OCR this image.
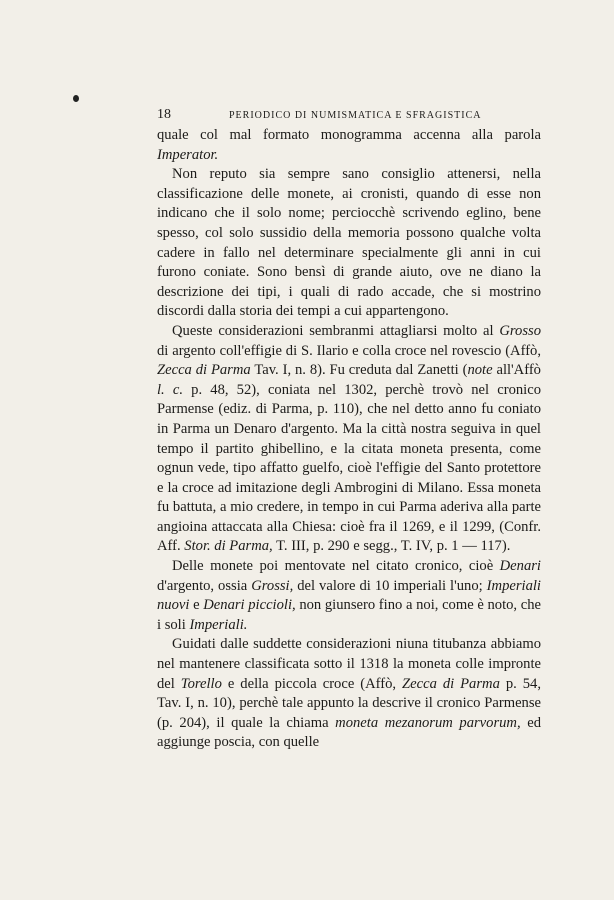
18	PERIODICO DI NUMISMATICA E SFRAGISTICA

quale col mal formato monogramma accenna alla parola Imperator.

Non reputo sia sempre sano consiglio attenersi, nella classificazione delle monete, ai cronisti, quando di esse non indicano che il solo nome; perciocchè scrivendo eglino, bene spesso, col solo sussidio della memoria possono qualche volta cadere in fallo nel determinare specialmente gli anni in cui furono coniate. Sono bensì di grande aiuto, ove ne diano la descrizione dei tipi, i quali di rado accade, che si mostrino discordi dalla storia dei tempi a cui appartengono.

Queste considerazioni sembranmi attagliarsi molto al Grosso di argento coll'effigie di S. Ilario e colla croce nel rovescio (Affò, Zecca di Parma Tav. I, n. 8). Fu creduta dal Zanetti (note all'Affò l. c. p. 48, 52), coniata nel 1302, perchè trovò nel cronico Parmense (ediz. di Parma, p. 110), che nel detto anno fu coniato in Parma un Denaro d'argento. Ma la città nostra seguiva in quel tempo il partito ghibellino, e la citata moneta presenta, come ognun vede, tipo affatto guelfo, cioè l'effigie del Santo protettore e la croce ad imitazione degli Ambrogini di Milano. Essa moneta fu battuta, a mio credere, in tempo in cui Parma aderiva alla parte angioina attaccata alla Chiesa: cioè fra il 1269, e il 1299, (Confr. Aff. Stor. di Parma, T. III, p. 290 e segg., T. IV, p. 1 — 117).

Delle monete poi mentovate nel citato cronico, cioè Denari d'argento, ossia Grossi, del valore di 10 imperiali l'uno; Imperiali nuovi e Denari piccioli, non giunsero fino a noi, come è noto, che i soli Imperiali.

Guidati dalle suddette considerazioni niuna titubanza abbiamo nel mantenere classificata sotto il 1318 la moneta colle impronte del Torello e della piccola croce (Affò, Zecca di Parma p. 54, Tav. I, n. 10), perchè tale appunto la descrive il cronico Parmense (p. 204), il quale la chiama moneta mezanorum parvorum, ed aggiunge poscia, con quelle
